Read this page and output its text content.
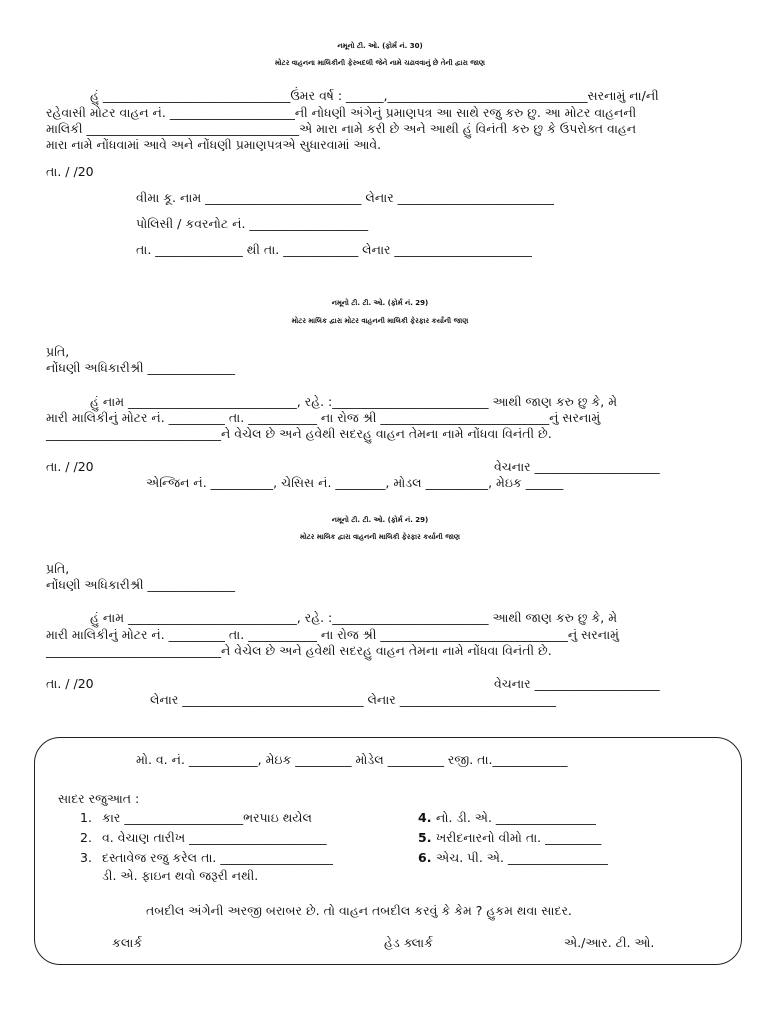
નમૂનો ટી. ઓ. (ફોર્મ નં. 30)
મોટર વાહનના માલિકીની ફેરબદલી જેને નામે ચઢાવવાનું છે તેની દ્વારા જાણ
હું ______________________________ઉંમર વર્ષ : ______,________________________________સરનામું ના/ની
રહેવાસી મોટર વાહન નં. ____________________ની નોધણી અંગેનું પ્રમાણપત્ર આ સાથે રજુ કરુ છુ. આ મોટર વાહનની
માલિકી __________________________________એ મારા નામે કરી છે અને આથી હું વિનંતી કરુ છુ કે ઉપરોક્ત વાહન
મારા નામે નોંધવામાં આવે અને નોંધણી પ્રમાણપત્રએ સુધારવામાં આવે.
તા. / /20
વીમા કૂ. નામ _________________________ લેનાર _________________________
પોલિસી / કવરનોટ નં. ___________________
તા. ______________ થી તા. ____________ લેનાર ______________________
નમૂનો ટી. ટી. ઓ. (ફોર્મ નં. 29)
મોટર માલિક દ્વારા મોટર વાહનની માલિકી ફેરફાર કર્યાની જાણ
પ્રતિ,
નોંધણી અધિકારીશ્રી ______________
હું નામ ___________________________, રહે. :_________________________ આથી જાણ કરુ છુ કે, મે
મારી માલિકીનું મોટર નં. _________ તા. ___________ ના રોજ શ્રી ___________________________નું સરનામું
____________________________ને વેચેલ છે અને હવેથી સદરહુ વાહન તેમના નામે નોંધવા વિનંતી છે.
તા. / /20	વેચનાર ____________________
એન્જિન નં. __________, ચેસિસ નં. ________, મોડલ __________, મેઇક ______
નમૂનો ટી. ટી. ઓ. (ફોર્મ નં. 29)
મોટર માલિક દ્વારા વાહનની માલિકી ફેરફાર કર્યાની જાણ
પ્રતિ,
નોંધણી અધિકારીશ્રી ______________
હું નામ ___________________________, રહે. :_________________________ આથી જાણ કરુ છુ કે, મે
મારી માલિકીનું મોટર નં. _________ તા. ___________ ના રોજ શ્રી ______________________________નું સરનામું
____________________________ને વેચેલ છે અને હવેથી સદરહુ વાહન તેમના નામે નોંધવા વિનંતી છે.
તા. / /20	વેચનાર ____________________
લેનાર _____________________________ લેનાર _________________________
મો. વ. નં. ___________, મેઇક _________ મોડેલ _________ રજી. તા.____________
સાદર રજુઆત :
1. કાર ___________________ભરપાઇ થયેલ
2. વ. વેચાણ તારીખ ______________________
3. દસ્તાવેજ રજુ કરેલ તા. __________________
ડી. એ. ફાઇન થવો જરૂરી નથી.
4. નો. ડી. એ. ________________
5. ખરીદનારનો વીમો તા. _________
6. એચ. પી. એ. ________________
તબદીલ અંગેની અરજી બરાબર છે. તો વાહન તબદીલ કરવું કે કેમ ? હુકમ થવા સાદર.
કલાર્ક	હેડ ક્લાર્ક	એ./આર. ટી. ઓ.
